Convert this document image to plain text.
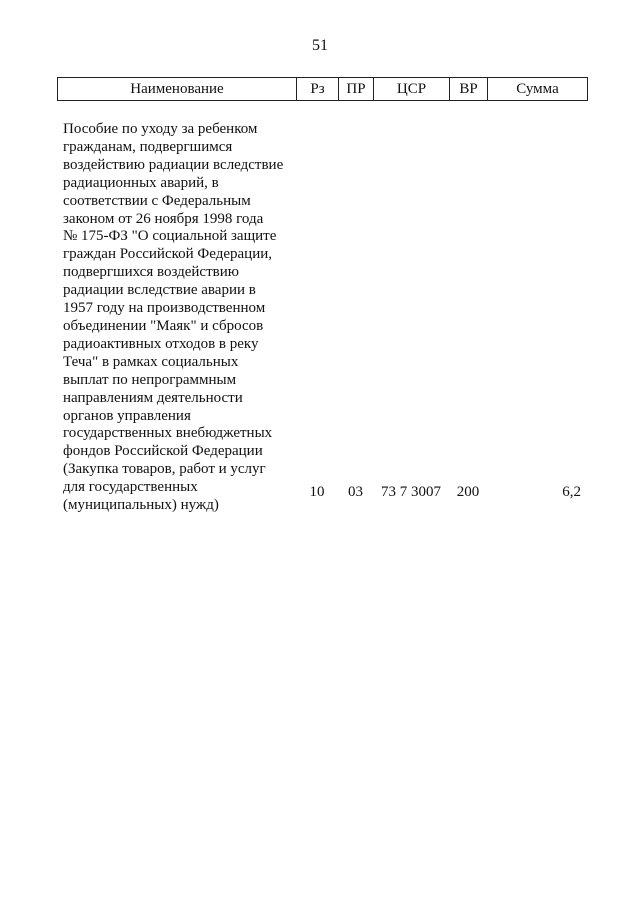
51
Наименование	Рз	ПР	ЦСР	ВР	Сумма
Пособие по уходу за ребенком
гражданам, подвергшимся
воздействию радиации вследствие
радиационных аварий, в
соответствии с Федеральным
законом от 26 ноября 1998 года
№ 175-ФЗ "О социальной защите
граждан Российской Федерации,
подвергшихся воздействию
радиации вследствие аварии в
1957 году на производственном
объединении "Маяк" и сбросов
радиоактивных отходов в реку
Теча" в рамках социальных
выплат по непрограммным
направлениям деятельности
органов управления
государственных внебюджетных
фондов Российской Федерации
(Закупка товаров, работ и услуг
для государственных
(муниципальных) нужд)
10	03	73 7 3007	200	6,2
